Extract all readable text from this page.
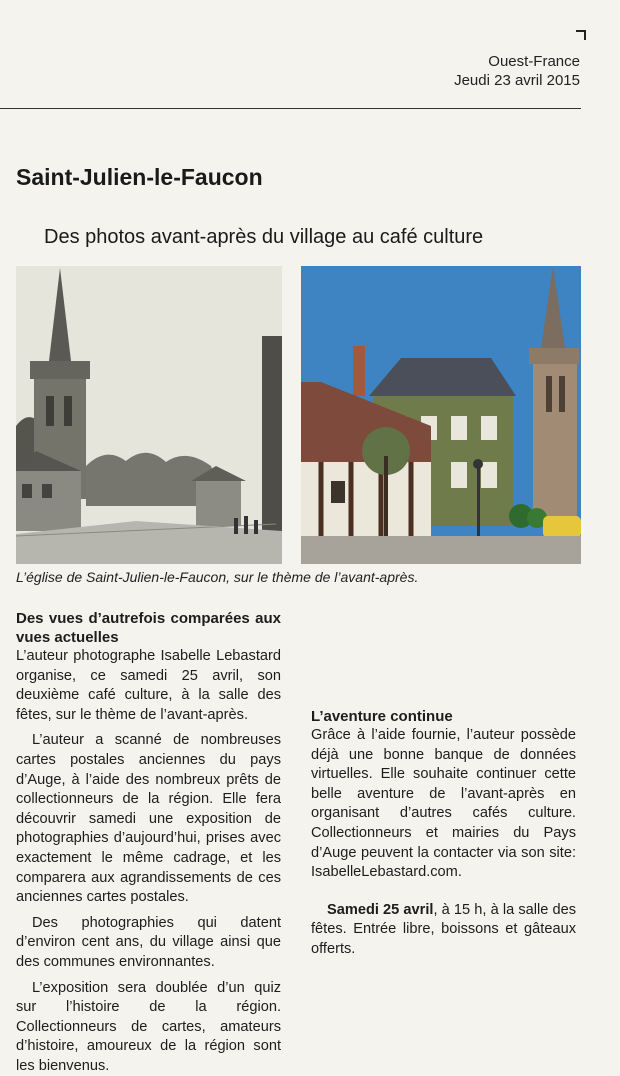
Ouest-France
Jeudi 23 avril 2015
Saint-Julien-le-Faucon
Des photos avant-après du village au café culture

L’église de Saint-Julien-le-Faucon, sur le thème de l’avant-après.

Des vues d’autrefois comparées aux vues actuelles

L’auteur photographe Isabelle Lebastard organise, ce samedi 25 avril, son deuxième café culture, à la salle des fêtes, sur le thème de l’avant-après.

L’auteur a scanné de nombreuses cartes postales anciennes du pays d’Auge, à l’aide des nombreux prêts de collectionneurs de la région. Elle fera découvrir samedi une exposition de photographies d’aujourd’hui, prises avec exactement le même cadrage, et les comparera aux agrandissements de ces anciennes cartes postales.

Des photographies qui datent d’environ cent ans, du village ainsi que des communes environnantes.

L’exposition sera doublée d’un quiz sur l’histoire de la région. Collectionneurs de cartes, amateurs d’histoire, amoureux de la région sont les bienvenus.

L’aventure continue

Grâce à l’aide fournie, l’auteur possède déjà une bonne banque de données virtuelles. Elle souhaite continuer cette belle aventure de l’avant-après en organisant d’autres cafés culture. Collectionneurs et mairies du Pays d’Auge peuvent la contacter via son site: IsabelleLebastard.com.

Samedi 25 avril, à 15 h, à la salle des fêtes. Entrée libre, boissons et gâteaux offerts.
